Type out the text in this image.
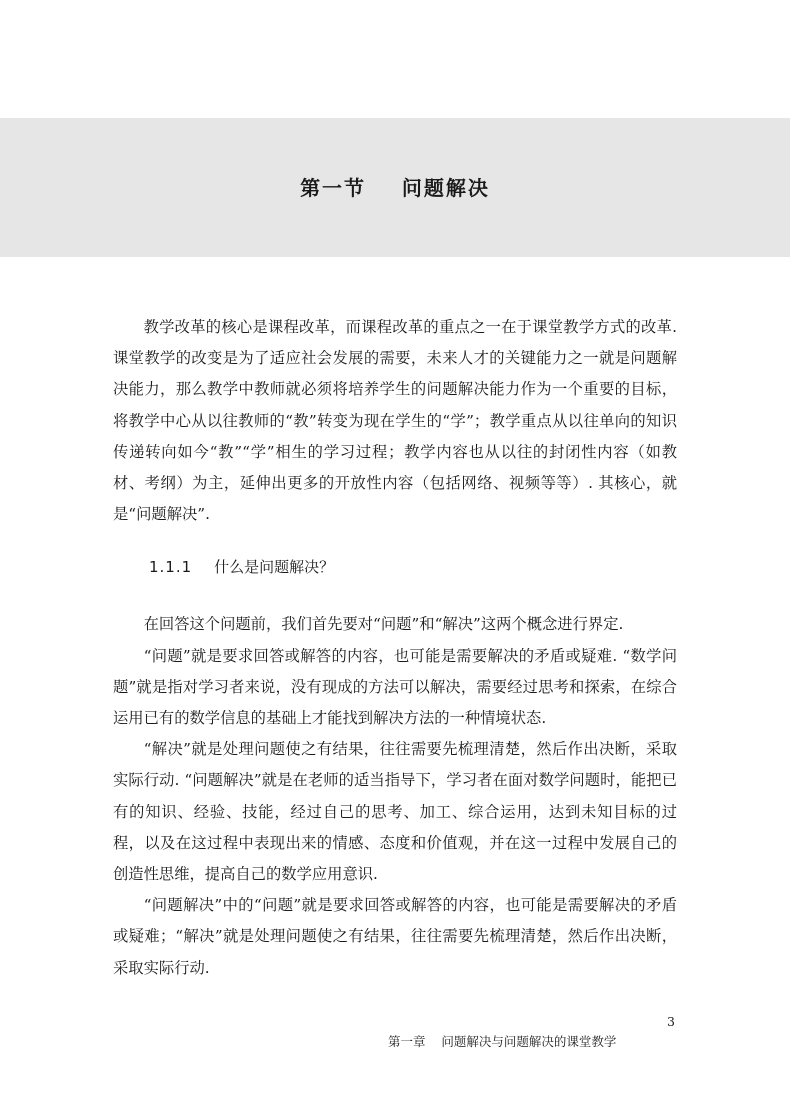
第一节    问题解决

教学改革的核心是课程改革，而课程改革的重点之一在于课堂教学方式的改革. 课堂教学的改变是为了适应社会发展的需要，未来人才的关键能力之一就是问题解决能力，那么教学中教师就必须将培养学生的问题解决能力作为一个重要的目标，将教学中心从以往教师的“教”转变为现在学生的“学”；教学重点从以往单向的知识传递转向如今“教”“学”相生的学习过程；教学内容也从以往的封闭性内容（如教材、考纲）为主，延伸出更多的开放性内容（包括网络、视频等等）. 其核心，就是“问题解决”.

1.1.1 什么是问题解决？

在回答这个问题前，我们首先要对“问题”和“解决”这两个概念进行界定.

“问题”就是要求回答或解答的内容，也可能是需要解决的矛盾或疑难. “数学问题”就是指对学习者来说，没有现成的方法可以解决，需要经过思考和探索，在综合运用已有的数学信息的基础上才能找到解决方法的一种情境状态.

“解决”就是处理问题使之有结果，往往需要先梳理清楚，然后作出决断，采取实际行动. “问题解决”就是在老师的适当指导下，学习者在面对数学问题时，能把已有的知识、经验、技能，经过自己的思考、加工、综合运用，达到未知目标的过程，以及在这过程中表现出来的情感、态度和价值观，并在这一过程中发展自己的创造性思维，提高自己的数学应用意识.

“问题解决”中的“问题”就是要求回答或解答的内容，也可能是需要解决的矛盾或疑难；“解决”就是处理问题使之有结果，往往需要先梳理清楚，然后作出决断，采取实际行动.

第一章    问题解决与问题解决的课堂教学

3
